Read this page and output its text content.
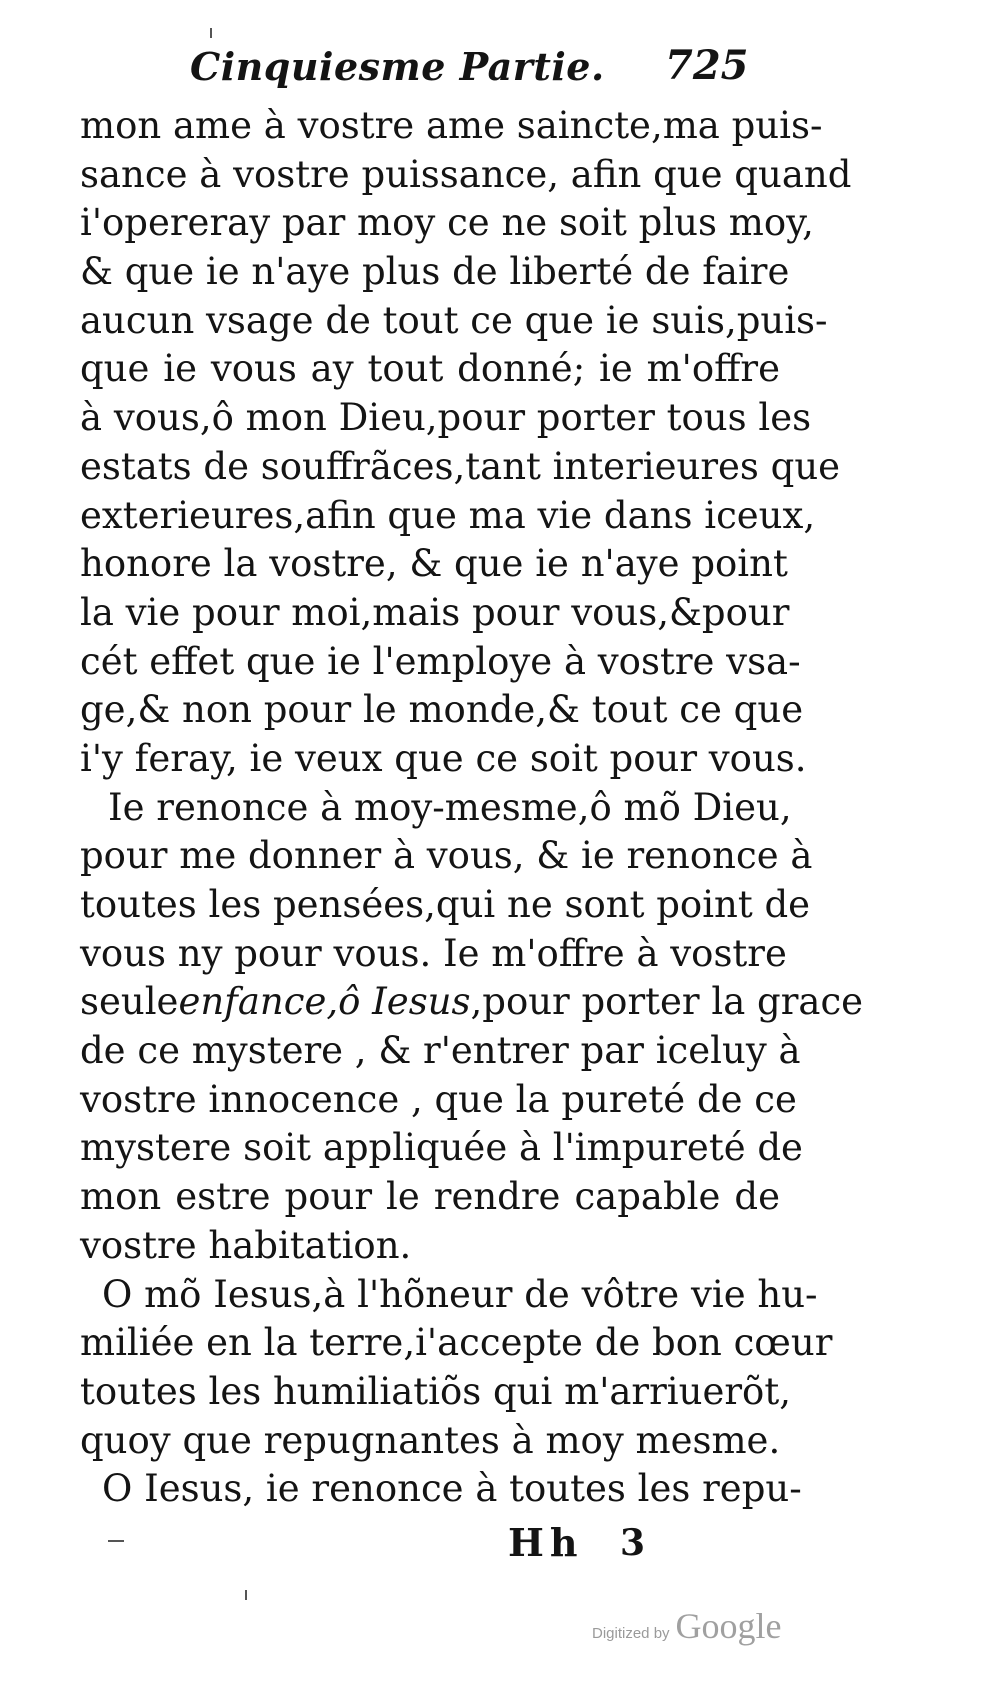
Cinquiesme Partie. 725
mon ame à vostre ame saincte,ma puis-
sance à vostre puissance, afin que quand
i'opereray par moy ce ne soit plus moy,
& que ie n'aye plus de liberté de faire
aucun vsage de tout ce que ie suis,puis-
que ie vous ay tout donné; ie m'offre
à vous,ô mon Dieu,pour porter tous les
estats de souffrãces,tant interieures que
exterieures,afin que ma vie dans iceux,
honore la vostre, & que ie n'aye point
la vie pour moi,mais pour vous,&pour
cét effet que ie l'employe à vostre vsa-
ge,& non pour le monde,& tout ce que
i'y feray, ie veux que ce soit pour vous.
Ie renonce à moy-mesme,ô mõ Dieu,
pour me donner à vous, & ie renonce à
toutes les pensées,qui ne sont point de
vous ny pour vous. Ie m'offre à vostre
seuleenfance,ô Iesus,pour porter la grace
de ce mystere , & r'entrer par iceluy à
vostre innocence , que la pureté de ce
mystere soit appliquée à l'impureté de
mon estre pour le rendre capable de
vostre habitation.
O mõ Iesus,à l'hõneur de vôtre vie hu-
miliée en la terre,i'accepte de bon cœur
toutes les humiliatiõs qui m'arriuerõt,
quoy que repugnantes à moy mesme.
O Iesus, ie renonce à toutes les repu-
Hh 3
Digitized by Google
